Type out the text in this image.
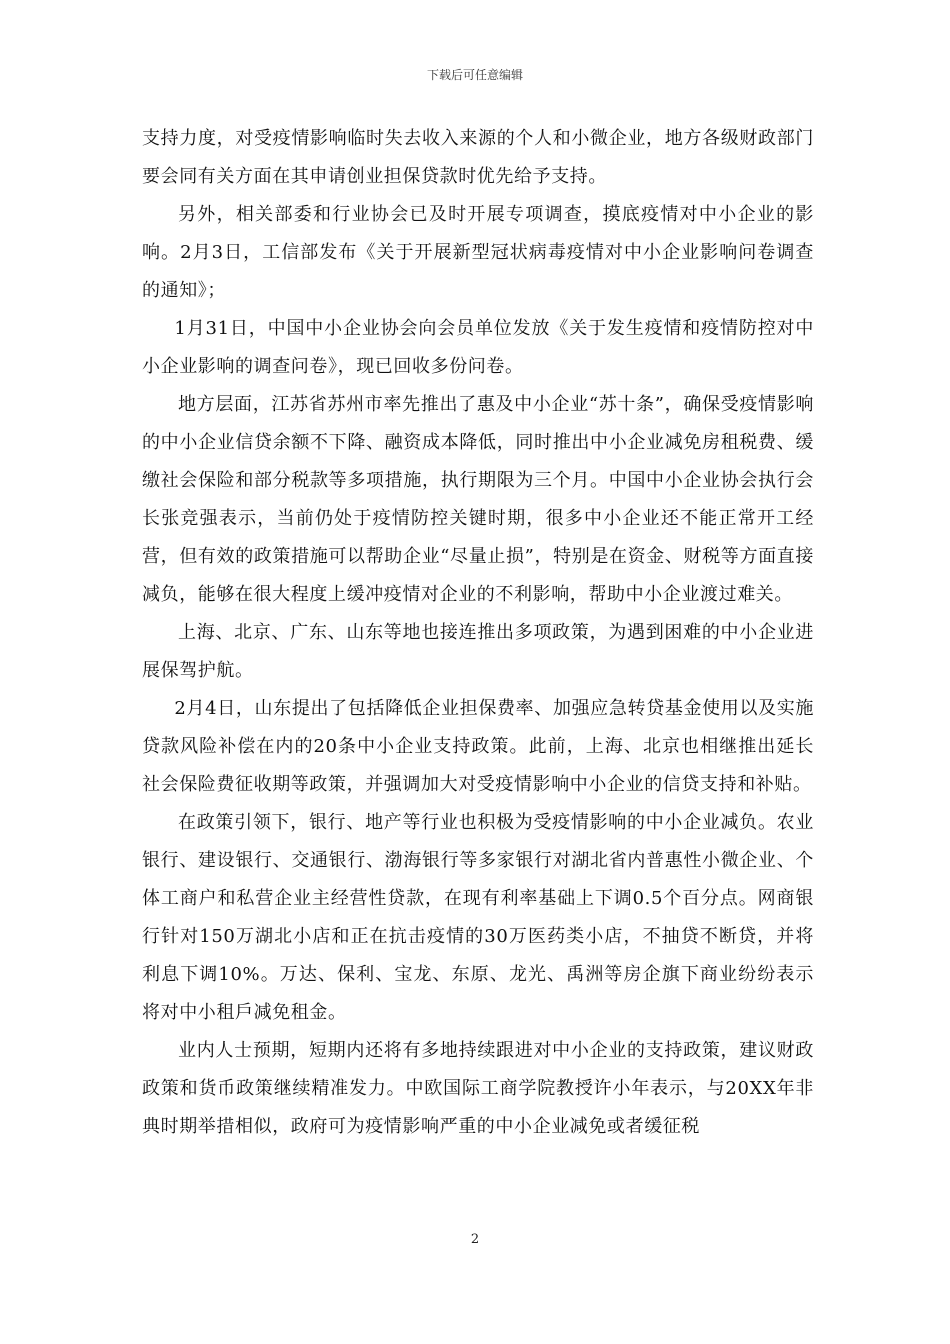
下载后可任意编辑

支持力度，对受疫情影响临时失去收入来源的个人和小微企业，地方各级财政部门要会同有关方面在其申请创业担保贷款时优先给予支持。

另外，相关部委和行业协会已及时开展专项调查，摸底疫情对中小企业的影响。2月3日，工信部发布《关于开展新型冠状病毒疫情对中小企业影响问卷调查的通知》；

1月31日，中国中小企业协会向会员单位发放《关于发生疫情和疫情防控对中小企业影响的调查问卷》，现已回收多份问卷。

地方层面，江苏省苏州市率先推出了惠及中小企业“苏十条”，确保受疫情影响的中小企业信贷余额不下降、融资成本降低，同时推出中小企业减免房租税费、缓缴社会保险和部分税款等多项措施，执行期限为三个月。中国中小企业协会执行会长张竞强表示，当前仍处于疫情防控关键时期，很多中小企业还不能正常开工经营，但有效的政策措施可以帮助企业“尽量止损”，特别是在资金、财税等方面直接减负，能够在很大程度上缓冲疫情对企业的不利影响，帮助中小企业渡过难关。

上海、北京、广东、山东等地也接连推出多项政策，为遇到困难的中小企业进展保驾护航。

2月4日，山东提出了包括降低企业担保费率、加强应急转贷基金使用以及实施贷款风险补偿在内的20条中小企业支持政策。此前，上海、北京也相继推出延长社会保险费征收期等政策，并强调加大对受疫情影响中小企业的信贷支持和补贴。

在政策引领下，银行、地产等行业也积极为受疫情影响的中小企业减负。农业银行、建设银行、交通银行、渤海银行等多家银行对湖北省内普惠性小微企业、个体工商户和私营企业主经营性贷款，在现有利率基础上下调0.5个百分点。网商银行针对150万湖北小店和正在抗击疫情的30万医药类小店，不抽贷不断贷，并将利息下调10%。万达、保利、宝龙、东原、龙光、禹洲等房企旗下商业纷纷表示将对中小租戶减免租金。

业内人士预期，短期内还将有多地持续跟进对中小企业的支持政策，建议财政政策和货币政策继续精准发力。中欧国际工商学院教授许小年表示，与20XX年非典时期举措相似，政府可为疫情影响严重的中小企业减免或者缓征税

2
